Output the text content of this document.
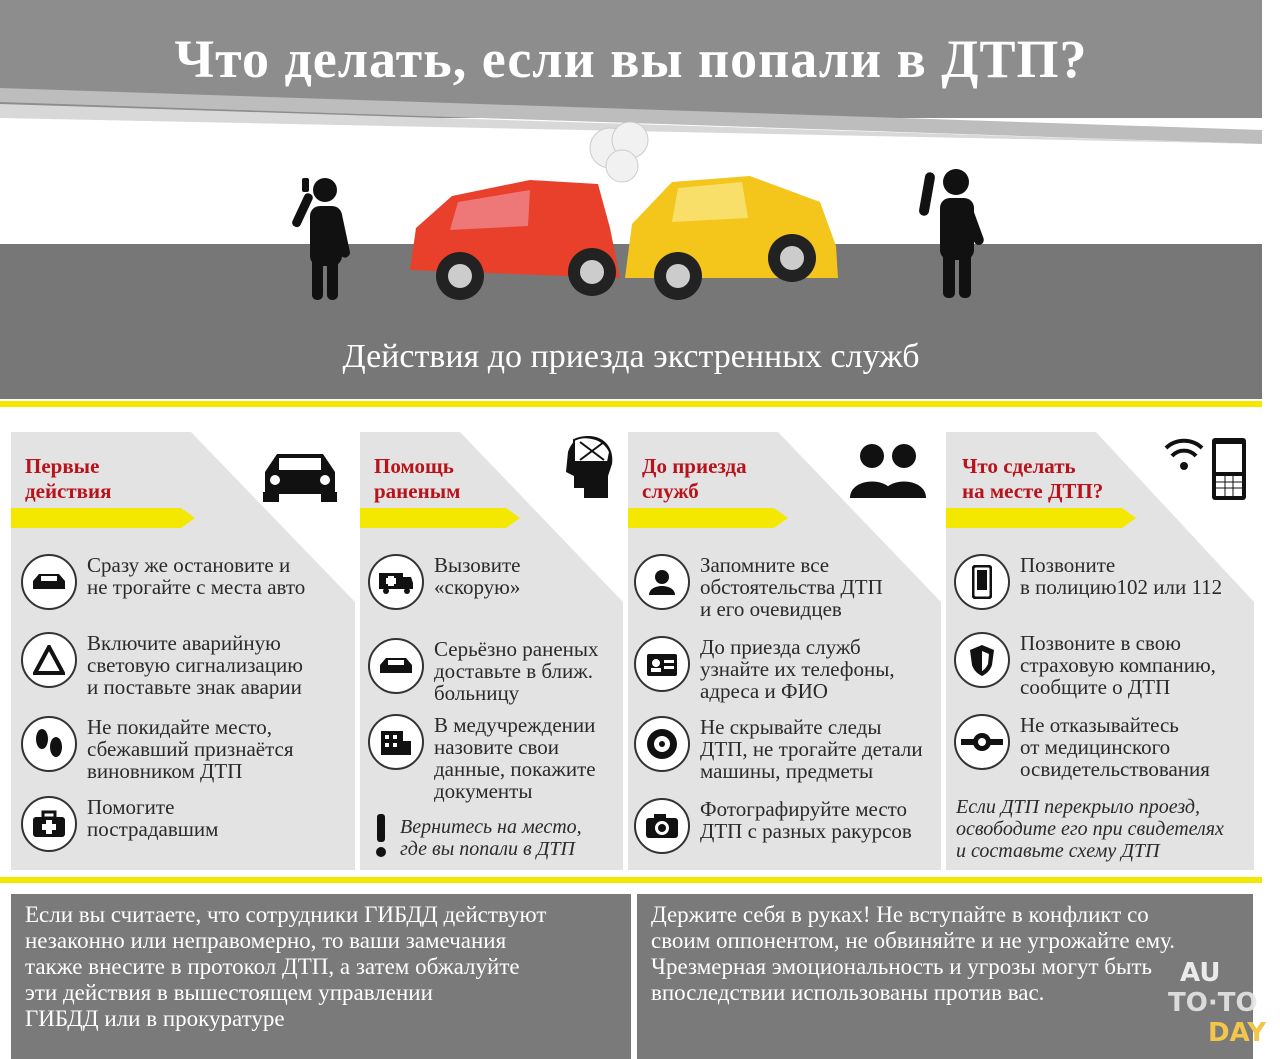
Что делать, если вы попали в ДТП?
Действия до приезда экстренных служб
Первые
действия
Сразу же остановите и
не трогайте с места авто
Включите аварийную
световую сигнализацию
и поставьте знак аварии
Не покидайте место,
сбежавший признаётся
виновником ДТП
Помогите
пострадавшим
Помощь
раненым
Вызовите
«скорую»
Серьёзно раненых
доставьте в ближ.
больницу
В медучреждении
назовите свои
данные, покажите
документы
Вернитесь на место,
где вы попали в ДТП
До приезда
служб
Запомните все
обстоятельства ДТП
и его очевидцев
До приезда служб
узнайте их телефоны,
адреса и ФИО
Не скрывайте следы
ДТП, не трогайте детали
машины, предметы
Фотографируйте место
ДТП с разных ракурсов
Что сделать
на месте ДТП?
Позвоните
в полицию102 или 112
Позвоните в свою
страховую компанию,
сообщите о ДТП
Не отказывайтесь
от медицинского
освидетельствования
Если ДТП перекрыло проезд,
освободите его при свидетелях
и составьте схему ДТП
Если вы считаете, что сотрудники ГИБДД действуют
незаконно или неправомерно, то ваши замечания
также внесите в протокол ДТП, а затем обжалуйте
эти действия в вышестоящем управлении
ГИБДД или в прокуратуре
Держите себя в руках! Не вступайте в конфликт со
своим оппонентом, не обвиняйте и не угрожайте ему.
Чрезмерная эмоциональность и угрозы могут быть
впоследствии использованы против вас.
AU
TO·TO
DAY
